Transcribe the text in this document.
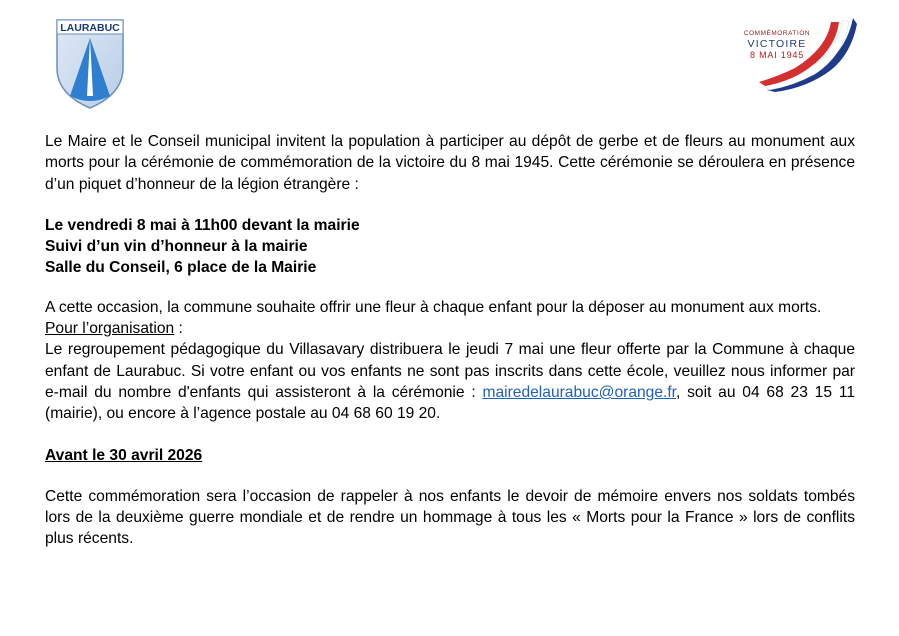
LAURABUC	COMMÉMORATION
VICTOIRE
8 MAI 1945

Le Maire et le Conseil municipal invitent la population à participer au dépôt de gerbe et de fleurs au monument aux morts pour la cérémonie de commémoration de la victoire du 8 mai 1945. Cette cérémonie se déroulera en présence d’un piquet d’honneur de la légion étrangère :

Le vendredi 8 mai à 11h00 devant la mairie

Suivi d’un vin d’honneur à la mairie

Salle du Conseil, 6 place de la Mairie

A cette occasion, la commune souhaite offrir une fleur à chaque enfant pour la déposer au monument aux morts.

Pour l’organisation :

Le regroupement pédagogique du Villasavary distribuera le jeudi 7 mai une fleur offerte par la Commune à chaque enfant de Laurabuc. Si votre enfant ou vos enfants ne sont pas inscrits dans cette école, veuillez nous informer par e-mail du nombre d'enfants qui assisteront à la cérémonie : mairedelaurabuc@orange.fr, soit au 04 68 23 15 11 (mairie), ou encore à l’agence postale au 04 68 60 19 20.

Avant le 30 avril 2026

Cette commémoration sera l’occasion de rappeler à nos enfants le devoir de mémoire envers nos soldats tombés lors de la deuxième guerre mondiale et de rendre un hommage à tous les « Morts pour la France » lors de conflits plus récents.
